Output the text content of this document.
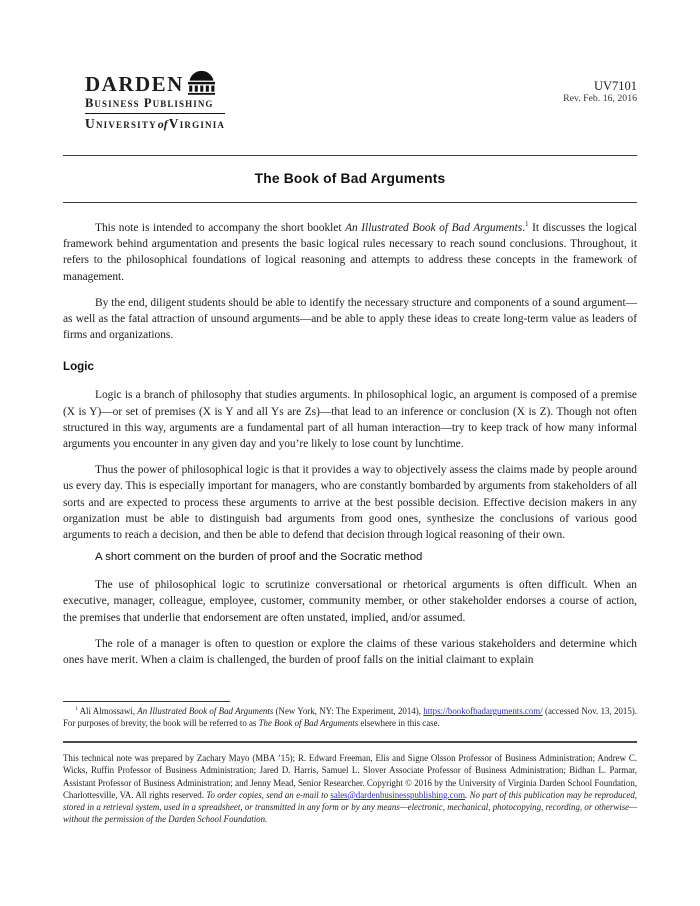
DARDEN
Business Publishing
UniversityofVirginia
UV7101
Rev. Feb. 16, 2016
The Book of Bad Arguments

This note is intended to accompany the short booklet An Illustrated Book of Bad Arguments.$^1$ It discusses the logical framework behind argumentation and presents the basic logical rules necessary to reach sound conclusions. Throughout, it refers to the philosophical foundations of logical reasoning and attempts to address these concepts in the framework of management.

By the end, diligent students should be able to identify the necessary structure and components of a sound argument—as well as the fatal attraction of unsound arguments—and be able to apply these ideas to create long-term value as leaders of firms and organizations.

Logic

Logic is a branch of philosophy that studies arguments. In philosophical logic, an argument is composed of a premise (X is Y)—or set of premises (X is Y and all Ys are Zs)—that lead to an inference or conclusion (X is Z). Though not often structured in this way, arguments are a fundamental part of all human interaction—try to keep track of how many informal arguments you encounter in any given day and you’re likely to lose count by lunchtime.

Thus the power of philosophical logic is that it provides a way to objectively assess the claims made by people around us every day. This is especially important for managers, who are constantly bombarded by arguments from stakeholders of all sorts and are expected to process these arguments to arrive at the best possible decision. Effective decision makers in any organization must be able to distinguish bad arguments from good ones, synthesize the conclusions of various good arguments to reach a decision, and then be able to defend that decision through logical reasoning of their own.

A short comment on the burden of proof and the Socratic method

The use of philosophical logic to scrutinize conversational or rhetorical arguments is often difficult. When an executive, manager, colleague, employee, customer, community member, or other stakeholder endorses a course of action, the premises that underlie that endorsement are often unstated, implied, and/or assumed.

The role of a manager is often to question or explore the claims of these various stakeholders and determine which ones have merit. When a claim is challenged, the burden of proof falls on the initial claimant to explain

$^1$ Ali Almossawi, An Illustrated Book of Bad Arguments (New York, NY: The Experiment, 2014), https://bookofbadarguments.com/ (accessed Nov. 13, 2015). For purposes of brevity, the book will be referred to as The Book of Bad Arguments elsewhere in this case.

This technical note was prepared by Zachary Mayo (MBA ’15); R. Edward Freeman, Elis and Signe Olsson Professor of Business Administration; Andrew C. Wicks, Ruffin Professor of Business Administration; Jared D. Harris, Samuel L. Slover Associate Professor of Business Administration; Bidhan L. Parmar, Assistant Professor of Business Administration; and Jenny Mead, Senior Researcher. Copyright © 2016 by the University of Virginia Darden School Foundation, Charlottesville, VA. All rights reserved. To order copies, send an e-mail to sales@dardenbusinesspublishing.com. No part of this publication may be reproduced, stored in a retrieval system, used in a spreadsheet, or transmitted in any form or by any means—electronic, mechanical, photocopying, recording, or otherwise—without the permission of the Darden School Foundation.
